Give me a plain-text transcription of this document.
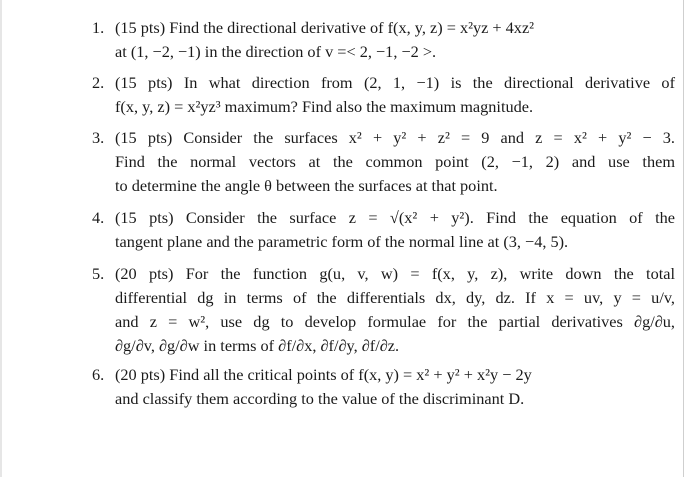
1. (15 pts) Find the directional derivative of f(x, y, z) = x²yz + 4xz²
at (1, −2, −1) in the direction of v =< 2, −1, −2 >.
2. (15 pts) In what direction from (2, 1, −1) is the directional derivative of
f(x, y, z) = x²yz³ maximum? Find also the maximum magnitude.
3. (15 pts) Consider the surfaces x² + y² + z² = 9 and z = x² + y² − 3.
Find the normal vectors at the common point (2, −1, 2) and use them
to determine the angle θ between the surfaces at that point.
4. (15 pts) Consider the surface z = √(x² + y²). Find the equation of the
tangent plane and the parametric form of the normal line at (3, −4, 5).
5. (20 pts) For the function g(u, v, w) = f(x, y, z), write down the total
differential dg in terms of the differentials dx, dy, dz. If x = uv, y = u/v,
and z = w², use dg to develop formulae for the partial derivatives ∂g/∂u,
∂g/∂v, ∂g/∂w in terms of ∂f/∂x, ∂f/∂y, ∂f/∂z.
6. (20 pts) Find all the critical points of f(x, y) = x² + y² + x²y − 2y
and classify them according to the value of the discriminant D.
